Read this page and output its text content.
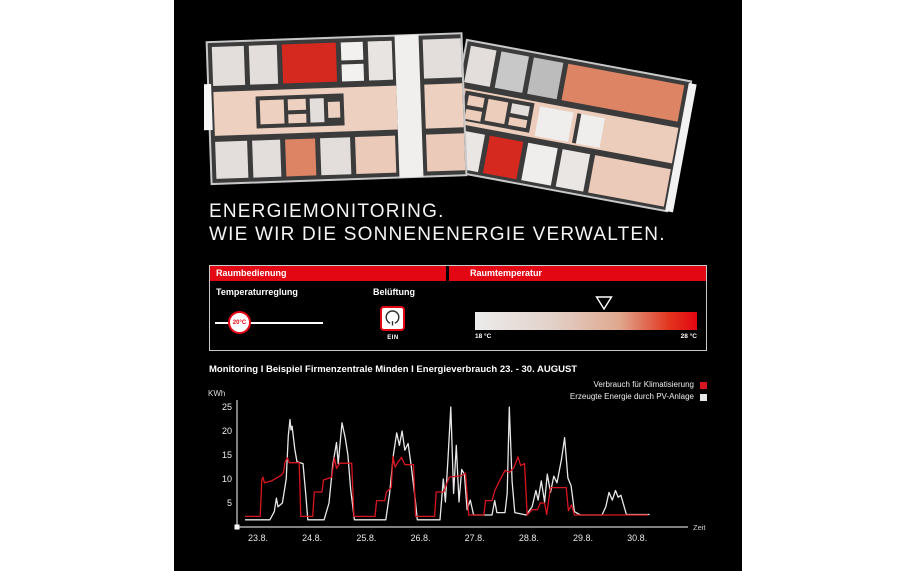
ENERGIEMONITORING.
WIE WIR DIE SONNENENERGIE VERWALTEN.
Raumbedienung	Raumtemperatur
Temperaturreglung
20°C
Belüftung
EIN	18 °C	28 °C
Monitoring I Beispiel Firmenzentrale Minden I Energieverbrauch 23. - 30. AUGUST
Verbrauch für Klimatisierung
Erzeugte Energie durch PV-Anlage
KWh
Zeit
25
20
15
10
5
23.8.	24.8.	25.8.	26.8.	27.8.	28.8.	29.8.	30.8.
